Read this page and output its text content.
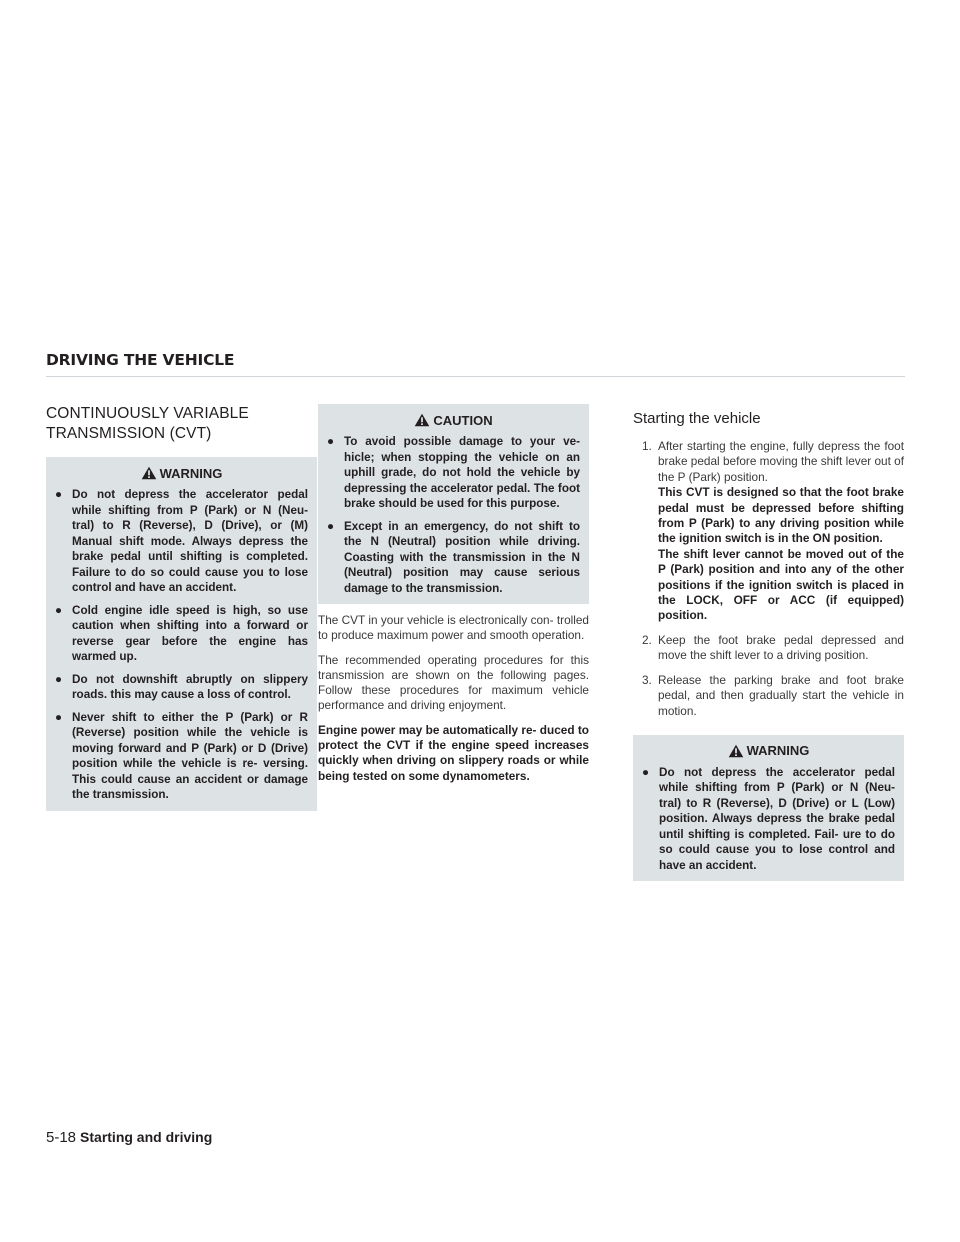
DRIVING THE VEHICLE
CONTINUOUSLY VARIABLE
TRANSMISSION (CVT)
WARNING
● Do not depress the accelerator pedal while shifting from P (Park) or N (Neu- tral) to R (Reverse), D (Drive), or (M) Manual shift mode. Always depress the brake pedal until shifting is completed. Failure to do so could cause you to lose control and have an accident.
● Cold engine idle speed is high, so use caution when shifting into a forward or reverse gear before the engine has warmed up.
● Do not downshift abruptly on slippery roads. this may cause a loss of control.
● Never shift to either the P (Park) or R (Reverse) position while the vehicle is moving forward and P (Park) or D (Drive) position while the vehicle is re- versing. This could cause an accident or damage the transmission.
CAUTION
● To avoid possible damage to your ve- hicle; when stopping the vehicle on an uphill grade, do not hold the vehicle by depressing the accelerator pedal. The foot brake should be used for this purpose.
● Except in an emergency, do not shift to the N (Neutral) position while driving. Coasting with the transmission in the N (Neutral) position may cause serious damage to the transmission.

The CVT in your vehicle is electronically con- trolled to produce maximum power and smooth operation.

The recommended operating procedures for this transmission are shown on the following pages. Follow these procedures for maximum vehicle performance and driving enjoyment.

Engine power may be automatically re- duced to protect the CVT if the engine speed increases quickly when driving on slippery roads or while being tested on some dynamometers.

Starting the vehicle
1. After starting the engine, fully depress the foot brake pedal before moving the shift lever out of the P (Park) position.
This CVT is designed so that the foot brake pedal must be depressed before shifting from P (Park) to any driving position while the ignition switch is in the ON position.
The shift lever cannot be moved out of the P (Park) position and into any of the other positions if the ignition switch is placed in the LOCK, OFF or ACC (if equipped) position.
2. Keep the foot brake pedal depressed and move the shift lever to a driving position.
3. Release the parking brake and foot brake pedal, and then gradually start the vehicle in motion.
WARNING
● Do not depress the accelerator pedal while shifting from P (Park) or N (Neu- tral) to R (Reverse), D (Drive) or L (Low) position. Always depress the brake pedal until shifting is completed. Fail- ure to do so could cause you to lose control and have an accident.
5-18 Starting and driving
